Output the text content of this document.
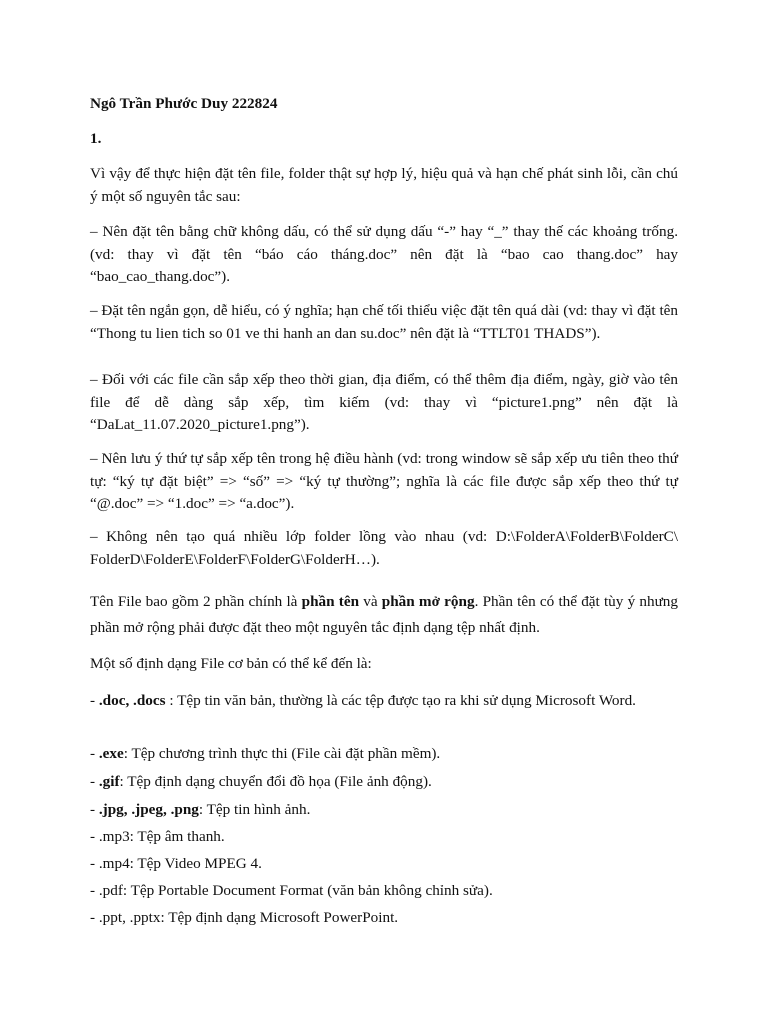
Ngô Trần Phước Duy 222824

1.

Vì vậy để thực hiện đặt tên file, folder thật sự hợp lý, hiệu quả và hạn chế phát sinh lỗi, cần chú ý một số nguyên tắc sau:

– Nên đặt tên bằng chữ không dấu, có thể sử dụng dấu “-” hay “_” thay thế các khoảng trống. (vd: thay vì đặt tên “báo cáo tháng.doc” nên đặt là “bao cao thang.doc” hay “bao_cao_thang.doc”).

– Đặt tên ngắn gọn, dễ hiểu, có ý nghĩa; hạn chế tối thiểu việc đặt tên quá dài (vd: thay vì đặt tên “Thong tu lien tich so 01 ve thi hanh an dan su.doc” nên đặt là “TTLT01 THADS”).

– Đối với các file cần sắp xếp theo thời gian, địa điểm, có thể thêm địa điểm, ngày, giờ vào tên file để dễ dàng sắp xếp, tìm kiếm (vd: thay vì “picture1.png” nên đặt là “DaLat_11.07.2020_picture1.png”).

– Nên lưu ý thứ tự sắp xếp tên trong hệ điều hành (vd: trong window sẽ sắp xếp ưu tiên theo thứ tự: “ký tự đặt biệt” => “số” => “ký tự thường”; nghĩa là các file được sắp xếp theo thứ tự “@.doc” => “1.doc” => “a.doc”).

– Không nên tạo quá nhiều lớp folder lồng vào nhau (vd: D:\FolderA\FolderB\FolderC\ FolderD\FolderE\FolderF\FolderG\FolderH…).

Tên File bao gồm 2 phần chính là phần tên và phần mở rộng. Phần tên có thể đặt tùy ý nhưng phần mở rộng phải được đặt theo một nguyên tắc định dạng tệp nhất định.

Một số định dạng File cơ bản có thể kể đến là:

- .doc, .docs : Tệp tin văn bản, thường là các tệp được tạo ra khi sử dụng Microsoft Word.

- .exe: Tệp chương trình thực thi (File cài đặt phần mềm).

- .gif: Tệp định dạng chuyển đổi đồ họa (File ảnh động).

- .jpg, .jpeg, .png: Tệp tin hình ảnh.

- .mp3: Tệp âm thanh.

- .mp4: Tệp Video MPEG 4.

- .pdf: Tệp Portable Document Format (văn bản không chỉnh sửa).

- .ppt, .pptx: Tệp định dạng Microsoft PowerPoint.
